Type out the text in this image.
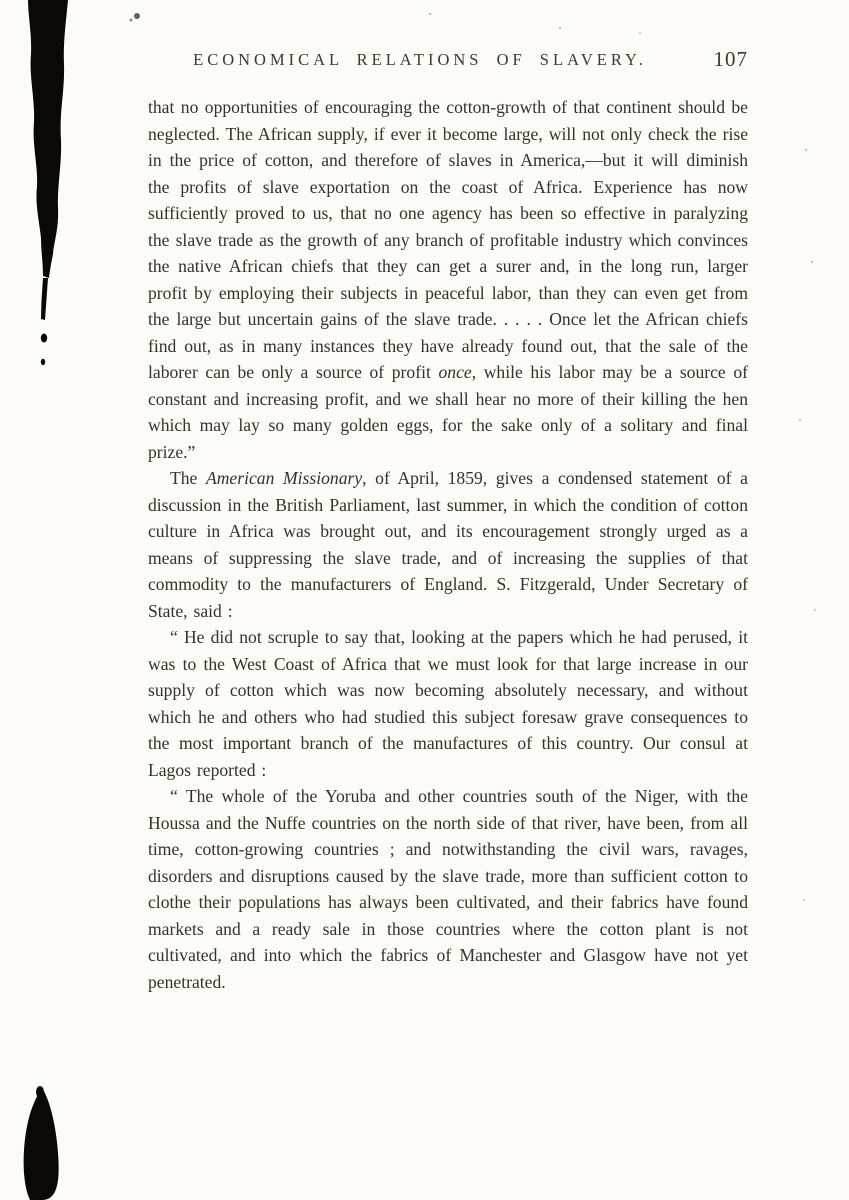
ECONOMICAL RELATIONS OF SLAVERY.	107

that no opportunities of encouraging the cotton-growth of that continent should be neglected. The African supply, if ever it become large, will not only check the rise in the price of cotton, and therefore of slaves in America,—but it will diminish the profits of slave exportation on the coast of Africa. Experience has now sufficiently proved to us, that no one agency has been so effective in paralyzing the slave trade as the growth of any branch of profitable industry which convinces the native African chiefs that they can get a surer and, in the long run, larger profit by employing their subjects in peaceful labor, than they can even get from the large but uncertain gains of the slave trade. . . . . Once let the African chiefs find out, as in many instances they have already found out, that the sale of the laborer can be only a source of profit once, while his labor may be a source of constant and increasing profit, and we shall hear no more of their killing the hen which may lay so many golden eggs, for the sake only of a solitary and final prize.”

The American Missionary, of April, 1859, gives a condensed statement of a discussion in the British Parliament, last summer, in which the condition of cotton culture in Africa was brought out, and its encouragement strongly urged as a means of suppressing the slave trade, and of increasing the supplies of that commodity to the manufacturers of England. S. Fitzgerald, Under Secretary of State, said :

“ He did not scruple to say that, looking at the papers which he had perused, it was to the West Coast of Africa that we must look for that large increase in our supply of cotton which was now becoming absolutely necessary, and without which he and others who had studied this subject foresaw grave consequences to the most important branch of the manufactures of this country. Our consul at Lagos reported :

“ The whole of the Yoruba and other countries south of the Niger, with the Houssa and the Nuffe countries on the north side of that river, have been, from all time, cotton-growing countries ; and notwithstanding the civil wars, ravages, disorders and disruptions caused by the slave trade, more than sufficient cotton to clothe their populations has always been cultivated, and their fabrics have found markets and a ready sale in those countries where the cotton plant is not cultivated, and into which the fabrics of Manchester and Glasgow have not yet penetrated.
